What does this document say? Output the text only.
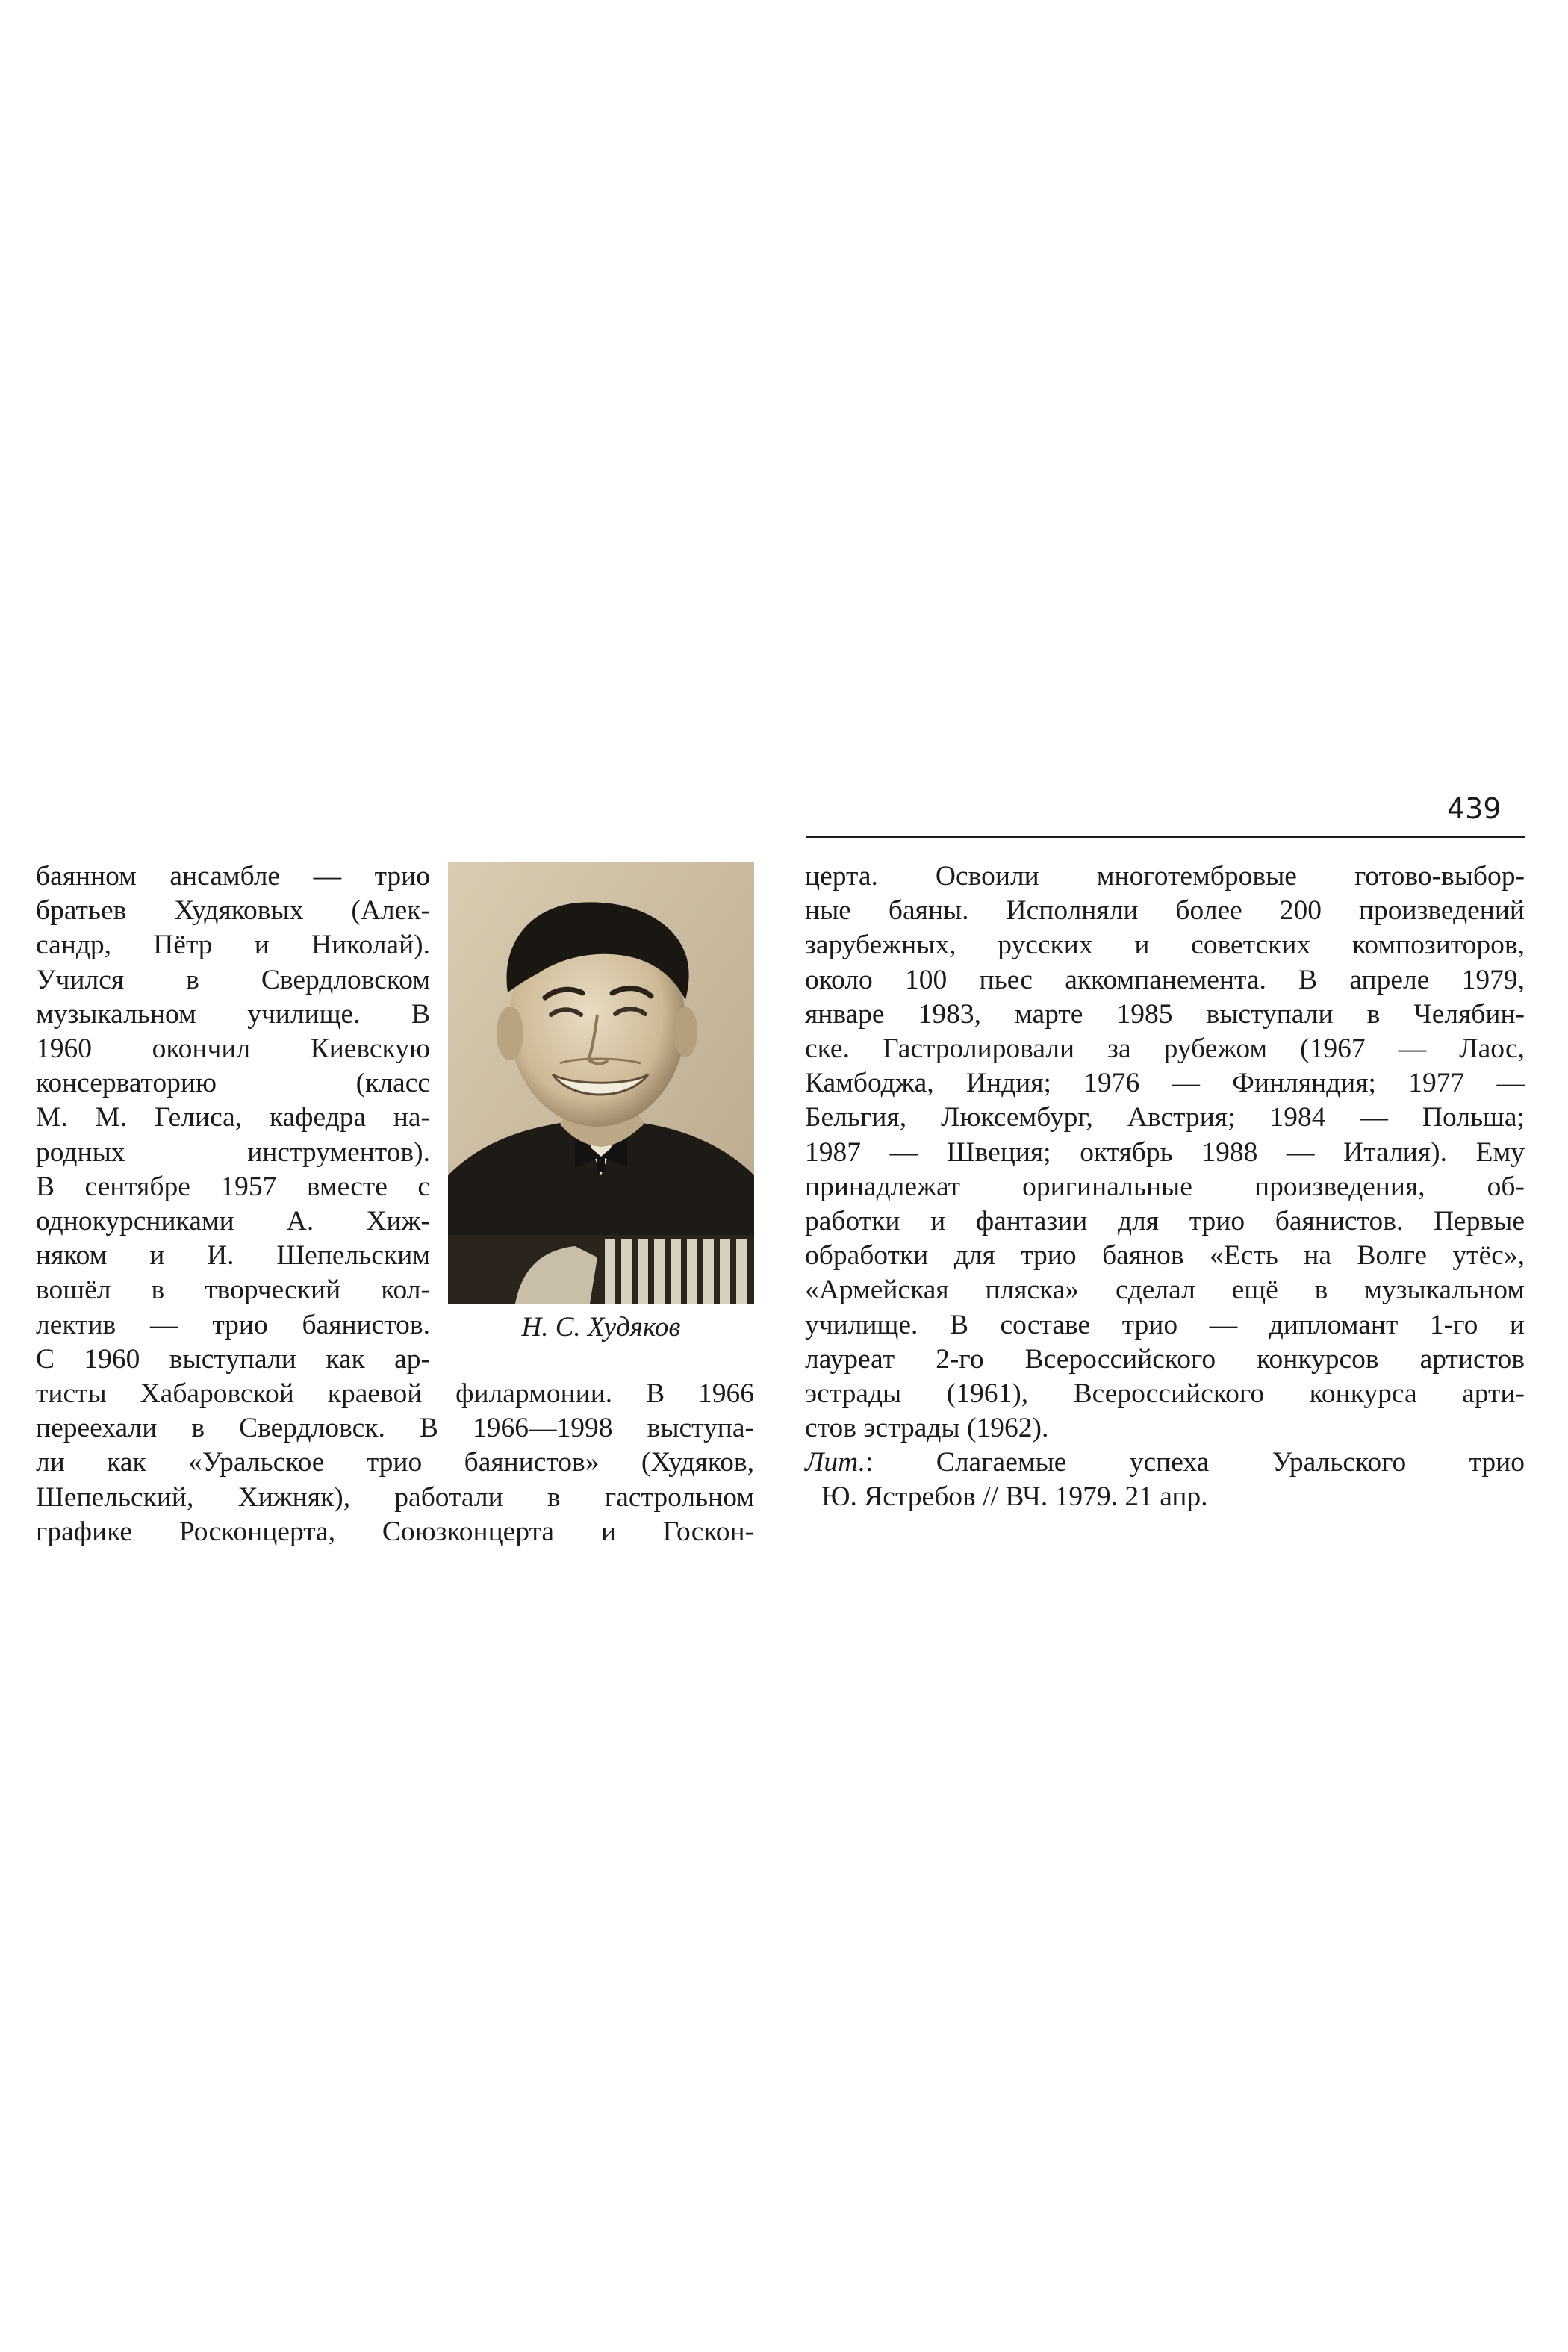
439
Н. С. Худяков
баянном ансамбле — трио
братьев Худяковых (Алек-
сандр, Пётр и Николай).
Учился в Свердловском
музыкальном училище. В
1960 окончил Киевскую
консерваторию (класс
М. М. Гелиса, кафедра на-
родных инструментов).
В сентябре 1957 вместе с
однокурсниками А. Хиж-
няком и И. Шепельским
вошёл в творческий кол-
лектив — трио баянистов.
С 1960 выступали как ар-
тисты Хабаровской краевой филармонии. В 1966
переехали в Свердловск. В 1966—1998 выступа-
ли как «Уральское трио баянистов» (Худяков,
Шепельский, Хижняк), работали в гастрольном
графике Росконцерта, Союзконцерта и Госкон-
церта. Освоили многотембровые готово-выбор-
ные баяны. Исполняли более 200 произведений
зарубежных, русских и советских композиторов,
около 100 пьес аккомпанемента. В апреле 1979,
январе 1983, марте 1985 выступали в Челябин-
ске. Гастролировали за рубежом (1967 — Лаос,
Камбоджа, Индия; 1976 — Финляндия; 1977 —
Бельгия, Люксембург, Австрия; 1984 — Польша;
1987 — Швеция; октябрь 1988 — Италия). Ему
принадлежат оригинальные произведения, об-
работки и фантазии для трио баянистов. Первые
обработки для трио баянов «Есть на Волге утёс»,
«Армейская пляска» сделал ещё в музыкальном
училище. В составе трио — дипломант 1-го и
лауреат 2-го Всероссийского конкурсов артистов
эстрады (1961), Всероссийского конкурса арти-
стов эстрады (1962).
Лит.: Слагаемые успеха Уральского трио
Ю. Ястребов // ВЧ. 1979. 21 апр.
